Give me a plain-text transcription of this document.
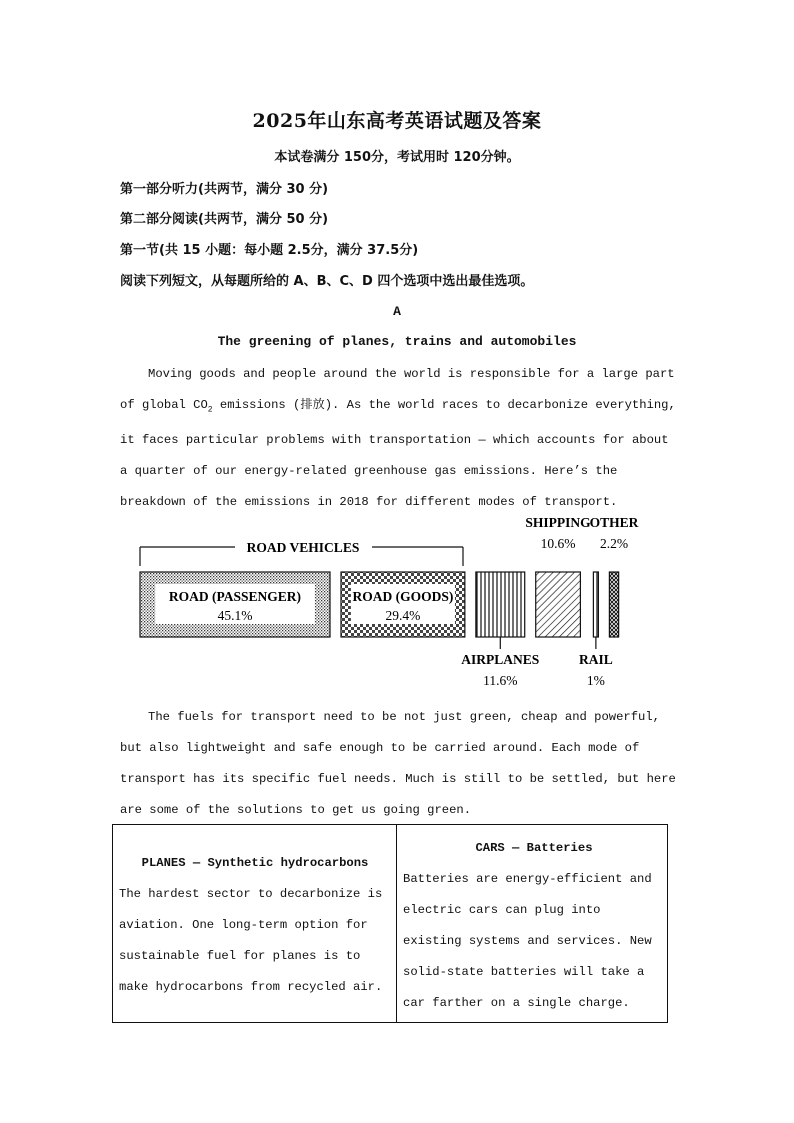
2025年山东高考英语试题及答案
本试卷满分 150分，考试用时 120分钟。
第一部分听力(共两节，满分 30 分)
第二部分阅读(共两节，满分 50 分)
第一节(共 15 小题：每小题 2.5分，满分 37.5分)
阅读下列短文，从每题所给的 A、B、C、D 四个选项中选出最佳选项。
A
The greening of planes, trains and automobiles
Moving goods and people around the world is responsible for a large part of global $CO_2$ emissions (排放). As the world races to decarbonize everything, it faces particular problems with transportation — which accounts for about a quarter of our energy-related greenhouse gas emissions. Here’s the breakdown of the emissions in 2018 for different modes of transport.
ROAD VEHICLES
ROAD (PASSENGER)
45.1%
ROAD (GOODS)
29.4%
AIRPLANES
11.6%
SHIPPING
10.6%
RAIL
1%
OTHER
2.2%
The fuels for transport need to be not just green, cheap and powerful, but also lightweight and safe enough to be carried around. Each mode of transport has its specific fuel needs. Much is still to be settled, but here are some of the solutions to get us going green.
PLANES — Synthetic hydrocarbons
The hardest sector to decarbonize is aviation. One long-term option for sustainable fuel for planes is to make hydrocarbons from recycled air.
CARS — Batteries
Batteries are energy-efficient and electric cars can plug into existing systems and services. New solid-state batteries will take a car farther on a single charge.
